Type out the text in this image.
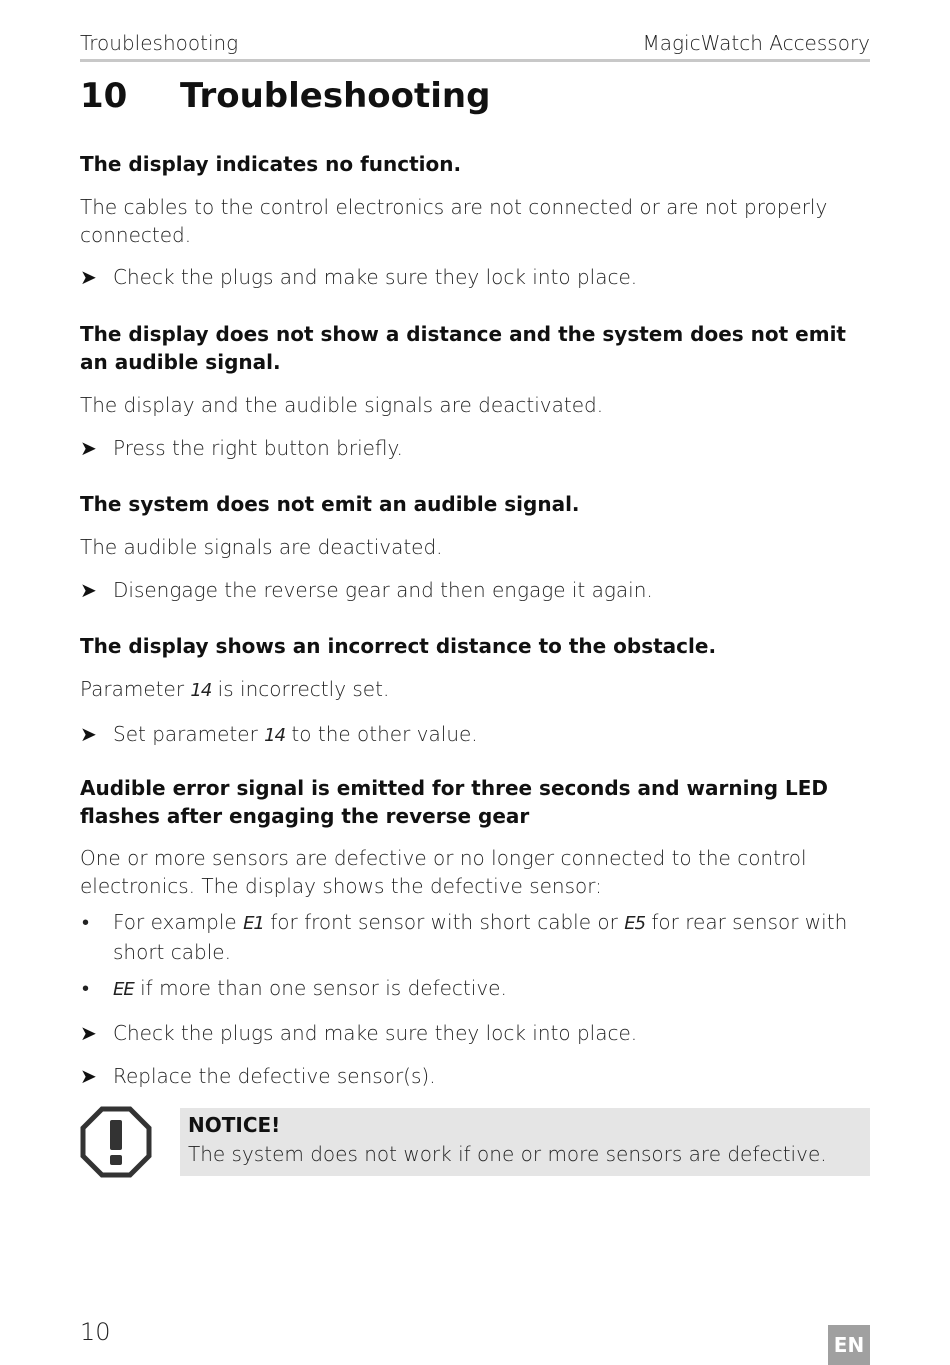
Troubleshooting	MagicWatch Accessory
10	Troubleshooting

The display indicates no function.

The cables to the control electronics are not connected or are not properly connected.

➤ Check the plugs and make sure they lock into place.

The display does not show a distance and the system does not emit an audible signal.

The display and the audible signals are deactivated.

➤ Press the right button briefly.

The system does not emit an audible signal.

The audible signals are deactivated.

➤ Disengage the reverse gear and then engage it again.

The display shows an incorrect distance to the obstacle.

Parameter 14 is incorrectly set.

➤ Set parameter 14 to the other value.

Audible error signal is emitted for three seconds and warning LED flashes after engaging the reverse gear

One or more sensors are defective or no longer connected to the control electronics. The display shows the defective sensor:

•	For example E1 for front sensor with short cable or E5 for rear sensor with short cable.
•	EE if more than one sensor is defective.
➤ Check the plugs and make sure they lock into place.
➤ Replace the defective sensor(s).
NOTICE!
The system does not work if one or more sensors are defective.
10	EN
